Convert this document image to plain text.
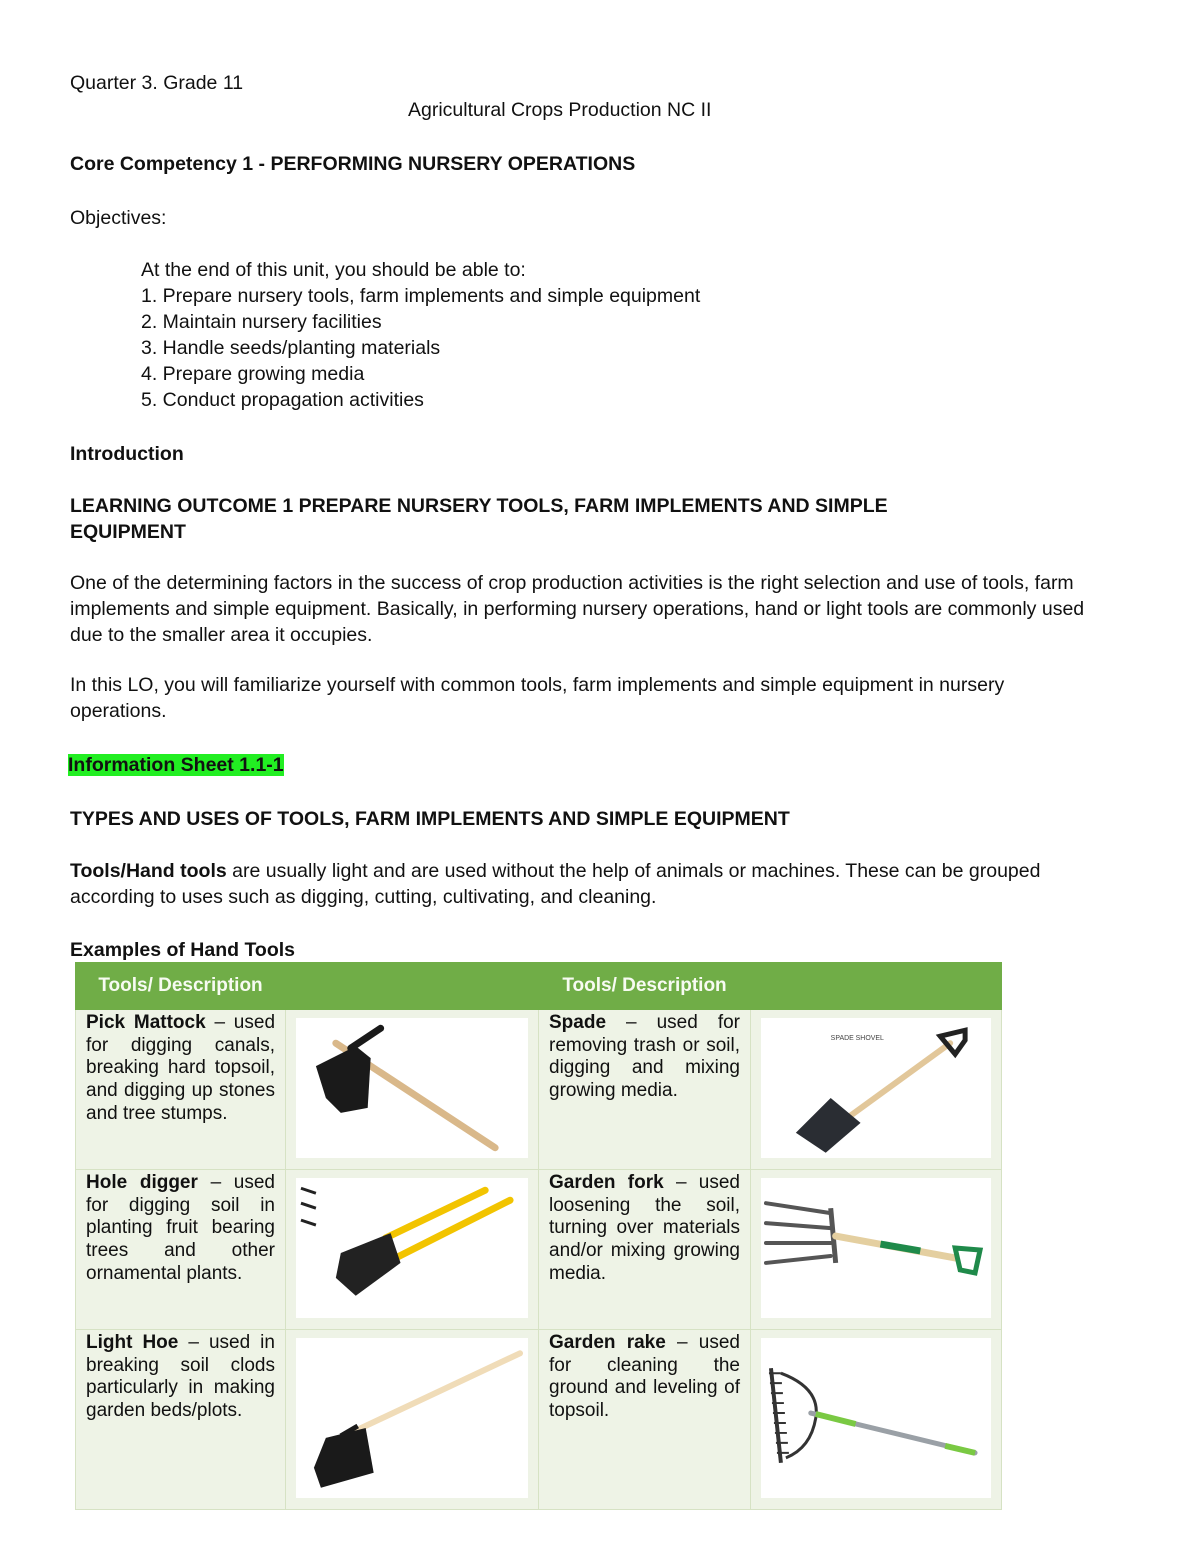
Quarter 3. Grade 11
Agricultural Crops Production NC II
Core Competency 1 - PERFORMING NURSERY OPERATIONS
Objectives:
At the end of this unit, you should be able to:
1. Prepare nursery tools, farm implements and simple equipment
2. Maintain nursery facilities
3. Handle seeds/planting materials
4. Prepare growing media
5. Conduct propagation activities
Introduction
LEARNING OUTCOME 1 PREPARE NURSERY TOOLS, FARM IMPLEMENTS AND SIMPLE
EQUIPMENT
One of the determining factors in the success of crop production activities is the right selection and use of tools, farm implements and simple equipment. Basically, in performing nursery operations, hand or light tools are commonly used due to the smaller area it occupies.
In this LO, you will familiarize yourself with common tools, farm implements and simple equipment in nursery operations.
Information Sheet 1.1-1
TYPES AND USES OF TOOLS, FARM IMPLEMENTS AND SIMPLE EQUIPMENT
Tools/Hand tools are usually light and are used without the help of animals or machines. These can be grouped according to uses such as digging, cutting, cultivating, and cleaning.
Examples of Hand Tools
Tools/ Description		Tools/ Description	

Pick Mattock – used for digging canals, breaking hard topsoil, and digging up stones and tree stumps.		Spade – used for removing trash or soil, digging and mixing growing media.	SPADE SHOVEL

Hole digger – used for digging soil in planting fruit bearing trees and other ornamental plants.		Garden fork – used loosening the soil, turning over materials and/or mixing growing media.

Light Hoe – used in breaking soil clods particularly in making garden beds/plots.		Garden rake – used for cleaning the ground and leveling of topsoil.
